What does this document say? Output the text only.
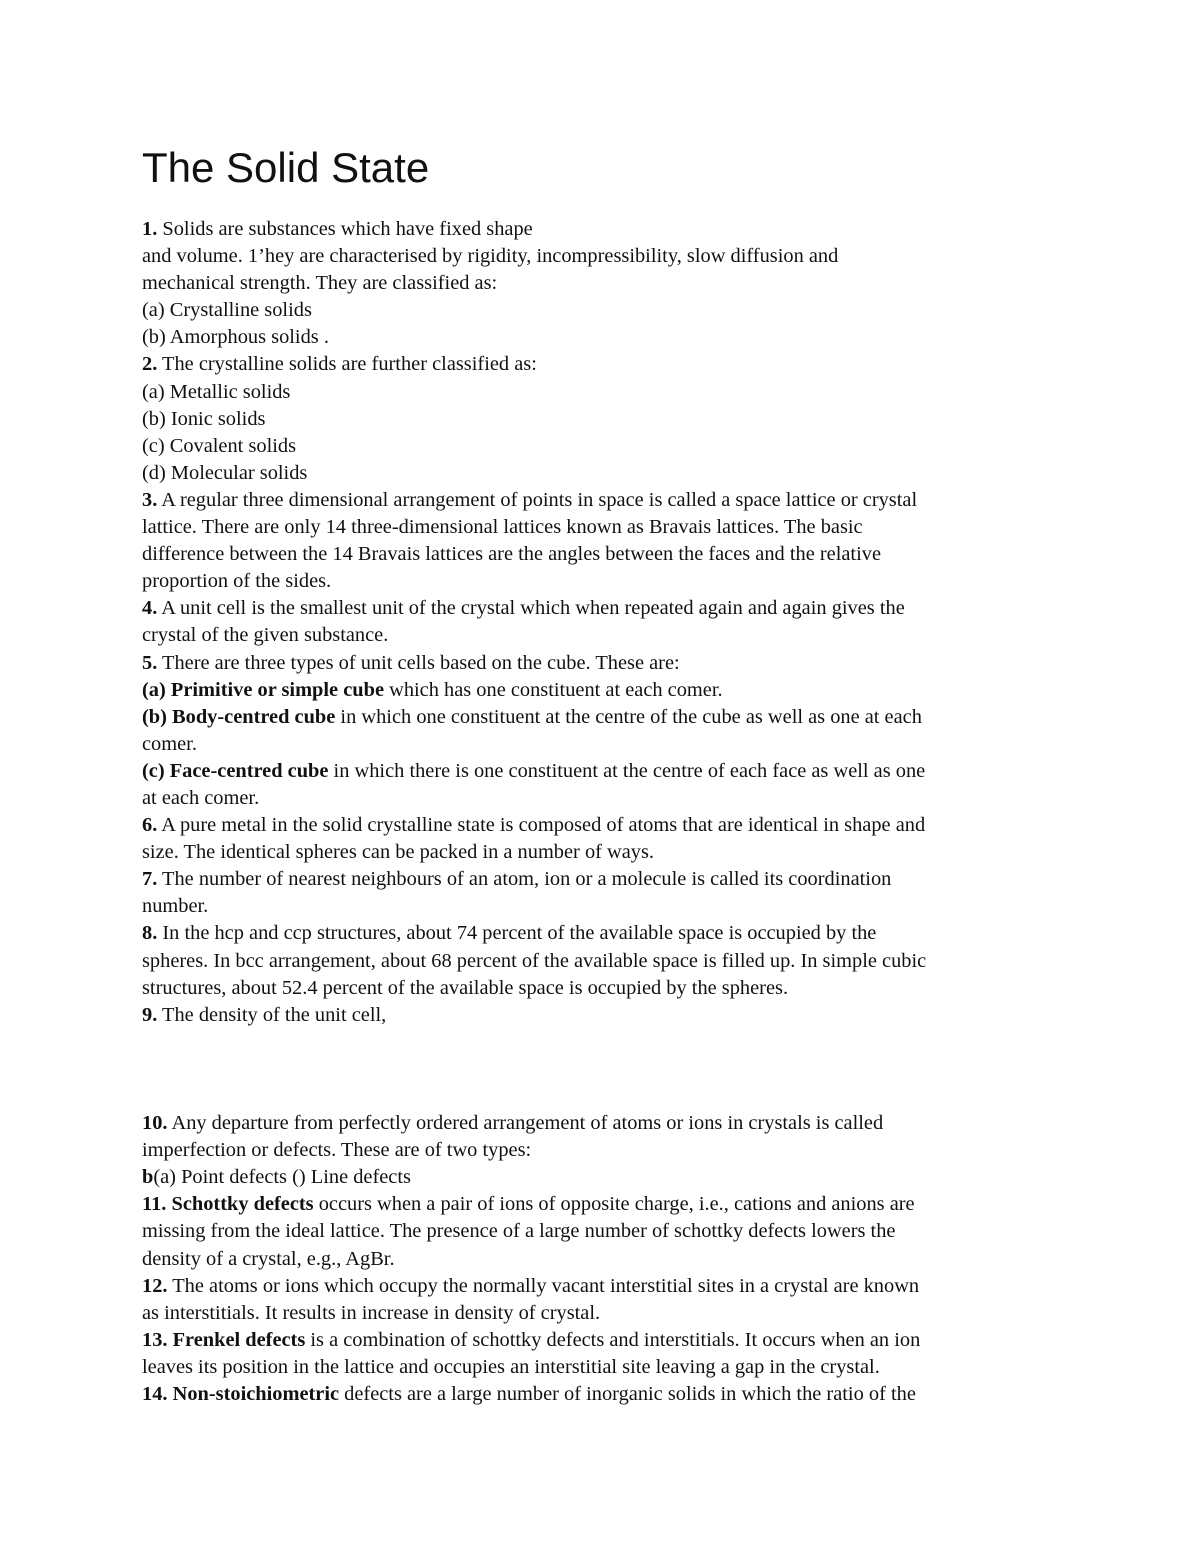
The Solid State
1. Solids are substances which have fixed shape
and volume. 1’hey are characterised by rigidity, incompressibility, slow diffusion and
mechanical strength. They are classified as:
(a) Crystalline solids
(b) Amorphous solids .
2. The crystalline solids are further classified as:
(a) Metallic solids
(b) Ionic solids
(c) Covalent solids
(d) Molecular solids
3. A regular three dimensional arrangement of points in space is called a space lattice or crystal
lattice. There are only 14 three-dimensional lattices known as Bravais lattices. The basic
difference between the 14 Bravais lattices are the angles between the faces and the relative
proportion of the sides.
4. A unit cell is the smallest unit of the crystal which when repeated again and again gives the
crystal of the given substance.
5. There are three types of unit cells based on the cube. These are:
(a) Primitive or simple cube which has one constituent at each comer.
(b) Body-centred cube in which one constituent at the centre of the cube as well as one at each
comer.
(c) Face-centred cube in which there is one constituent at the centre of each face as well as one
at each comer.
6. A pure metal in the solid crystalline state is composed of atoms that are identical in shape and
size. The identical spheres can be packed in a number of ways.
7. The number of nearest neighbours of an atom, ion or a molecule is called its coordination
number.
8. In the hcp and ccp structures, about 74 percent of the available space is occupied by the
spheres. In bcc arrangement, about 68 percent of the available space is filled up. In simple cubic
structures, about 52.4 percent of the available space is occupied by the spheres.
9. The density of the unit cell,
10. Any departure from perfectly ordered arrangement of atoms or ions in crystals is called
imperfection or defects. These are of two types:
b(a) Point defects () Line defects
11. Schottky defects occurs when a pair of ions of opposite charge, i.e., cations and anions are
missing from the ideal lattice. The presence of a large number of schottky defects lowers the
density of a crystal, e.g., AgBr.
12. The atoms or ions which occupy the normally vacant interstitial sites in a crystal are known
as interstitials. It results in increase in density of crystal.
13. Frenkel defects is a combination of schottky defects and interstitials. It occurs when an ion
leaves its position in the lattice and occupies an interstitial site leaving a gap in the crystal.
14. Non-stoichiometric defects are a large number of inorganic solids in which the ratio of the
